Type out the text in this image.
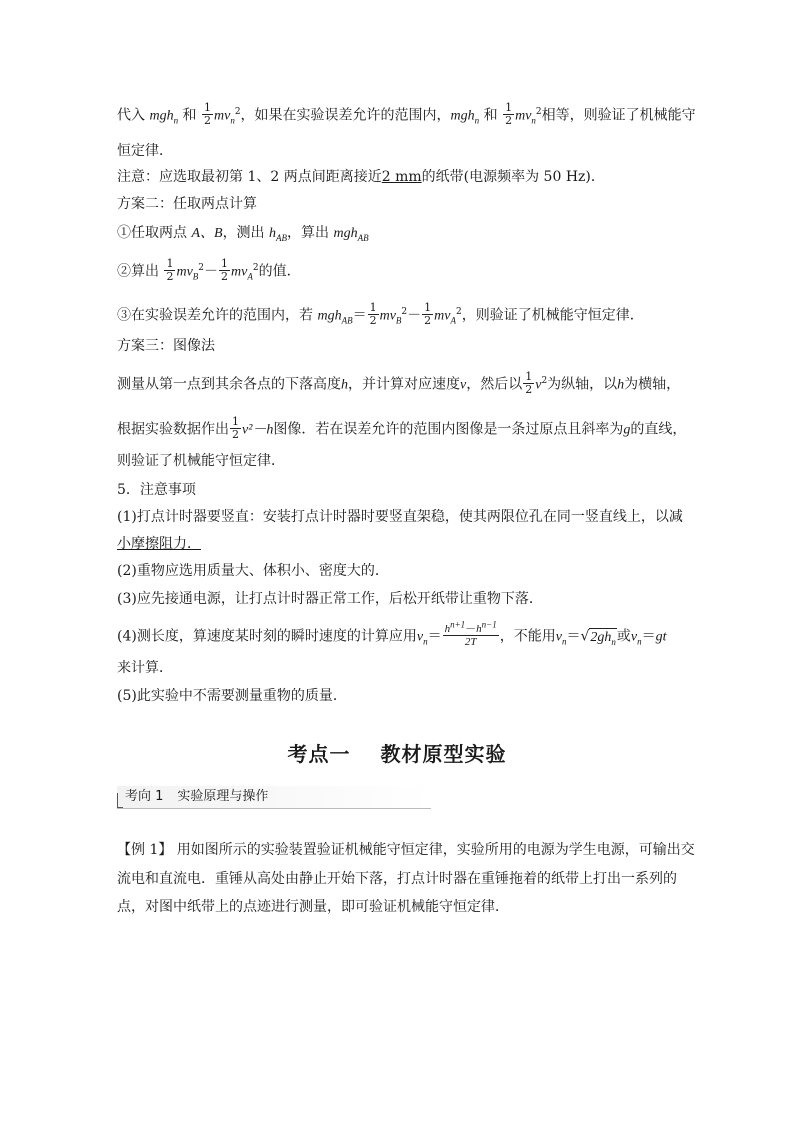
代入 mgh$_n$ 和 $\frac{1}{2} mv_n^2$，如果在实验误差允许的范围内，mgh$_n$ 和 $\frac{1}{2} mv_n^2$相等，则验证了机械能守
恒定律．
注意：应选取最初第 1、2 两点间距离接近2 mm的纸带(电源频率为 50 Hz)．
方案二：任取两点计算
①任取两点 A、B，测出 $h_{AB}$，算出 mgh$_{AB}$
②算出 $\frac{1}{2} mv_B^2- \frac{1}{2} mv_A^2$的值．
③在实验误差允许的范围内，若 $mgh_{AB}= \frac{1}{2} mv_B^2- \frac{1}{2} mv_A^2$，则验证了机械能守恒定律．
方案三：图像法
测量从第一点到其余各点的下落高度h，并计算对应速度v，然后以 $\frac{1}{2} v^2$为纵轴，以h为横轴，
根据实验数据作出 $\frac{1}{2} v^2-h$图像．若在误差允许的范围内图像是一条过原点且斜率为g的直线，
则验证了机械能守恒定律．
5．注意事项
(1)打点计时器要竖直：安装打点计时器时要竖直架稳，使其两限位孔在同一竖直线上，以减
小摩擦阻力．
(2)重物应选用质量大、体积小、密度大的．
(3)应先接通电源，让打点计时器正常工作，后松开纸带让重物下落．
(4)测长度，算速度某时刻的瞬时速度的计算应用$v_n= \frac{h^{n+1}-h^{n-1}}{2T}$ ，不能用$v_n=√2gh_n$或$v_n=gt$
来计算．
(5)此实验中不需要测量重物的质量．
考点一 教材原型实验
考向 1 实验原理与操作
【例 1】 用如图所示的实验装置验证机械能守恒定律，实验所用的电源为学生电源，可输出交
流电和直流电．重锤从高处由静止开始下落，打点计时器在重锤拖着的纸带上打出一系列的
点，对图中纸带上的点迹进行测量，即可验证机械能守恒定律．
